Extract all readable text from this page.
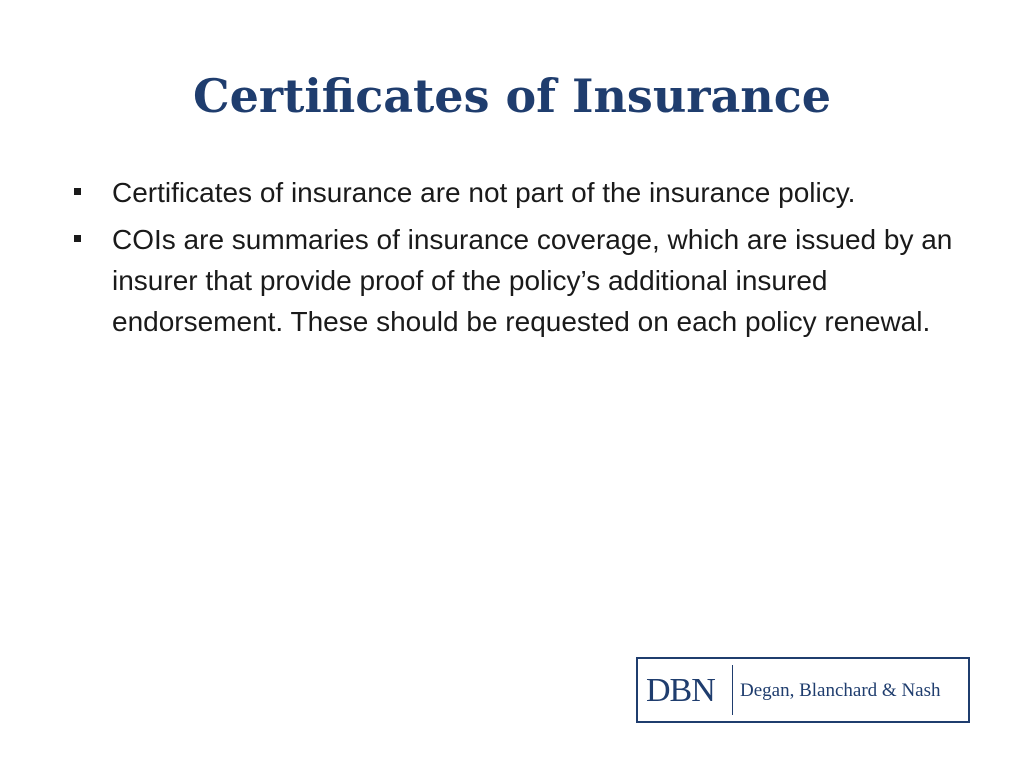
Certificates of Insurance
Certificates of insurance are not part of the insurance policy.
COIs are summaries of insurance coverage, which are issued by an insurer that provide proof of the policy’s additional insured endorsement. These should be requested on each policy renewal.
DBN Degan, Blanchard & Nash
